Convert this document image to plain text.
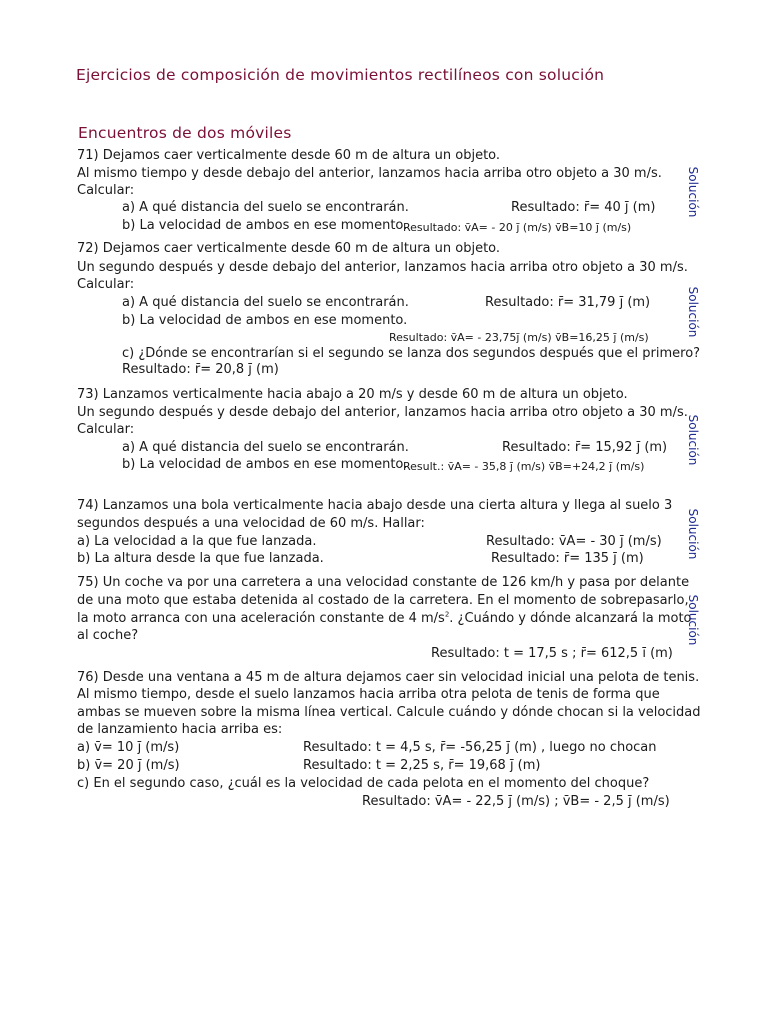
Ejercicios de composición de movimientos rectilíneos con solución
Encuentros de dos móviles
71) Dejamos caer verticalmente desde 60 m de altura un objeto.
Al mismo tiempo y desde debajo del anterior, lanzamos hacia arriba otro objeto a 30 m/s.
Calcular:
a) A qué distancia del suelo se encontrarán.	Resultado: r̄= 40 j̄ (m)
b) La velocidad de ambos en ese momento.
Resultado: v̄A= - 20 j̄ (m/s) v̄B=10 j̄ (m/s)
Solución
72) Dejamos caer verticalmente desde 60 m de altura un objeto.
Un segundo después y desde debajo del anterior, lanzamos hacia arriba otro objeto a 30 m/s.
Calcular:
a) A qué distancia del suelo se encontrarán.	Resultado: r̄= 31,79 j̄ (m)
b) La velocidad de ambos en ese momento.
Resultado: v̄A= - 23,75j̄ (m/s) v̄B=16,25 j̄ (m/s)
c) ¿Dónde se encontrarían si el segundo se lanza dos segundos después que el primero?
Resultado: r̄= 20,8 j̄ (m)
Solución
73) Lanzamos verticalmente hacia abajo a 20 m/s y desde 60 m de altura un objeto.
Un segundo después y desde debajo del anterior, lanzamos hacia arriba otro objeto a 30 m/s.
Calcular:
a) A qué distancia del suelo se encontrarán.	Resultado: r̄= 15,92 j̄ (m)
b) La velocidad de ambos en ese momento.
Result.: v̄A= - 35,8 j̄ (m/s) v̄B=+24,2 j̄ (m/s)
Solución
74) Lanzamos una bola verticalmente hacia abajo desde una cierta altura y llega al suelo 3
segundos después a una velocidad de 60 m/s. Hallar:
a) La velocidad a la que fue lanzada.	Resultado: v̄A= - 30 j̄ (m/s)
b) La altura desde la que fue lanzada.	Resultado: r̄= 135 j̄ (m)	Solución
75) Un coche va por una carretera a una velocidad constante de 126 km/h y pasa por delante
de una moto que estaba detenida al costado de la carretera. En el momento de sobrepasarlo,
la moto arranca con una aceleración constante de 4 $m/s^2$. ¿Cuándo y dónde alcanzará la moto
al coche?
Resultado: t = 17,5 s ; r̄= 612,5 ī (m)
Solución
76) Desde una ventana a 45 m de altura dejamos caer sin velocidad inicial una pelota de tenis.
Al mismo tiempo, desde el suelo lanzamos hacia arriba otra pelota de tenis de forma que
ambas se mueven sobre la misma línea vertical. Calcule cuándo y dónde chocan si la velocidad
de lanzamiento hacia arriba es:
a) v̄= 10 j̄ (m/s)	Resultado: t = 4,5 s, r̄= -56,25 j̄ (m) , luego no chocan
b) v̄= 20 j̄ (m/s)	Resultado: t = 2,25 s, r̄= 19,68 j̄ (m)
c) En el segundo caso, ¿cuál es la velocidad de cada pelota en el momento del choque?
Resultado: v̄A= - 22,5 j̄ (m/s) ; v̄B= - 2,5 j̄ (m/s)
